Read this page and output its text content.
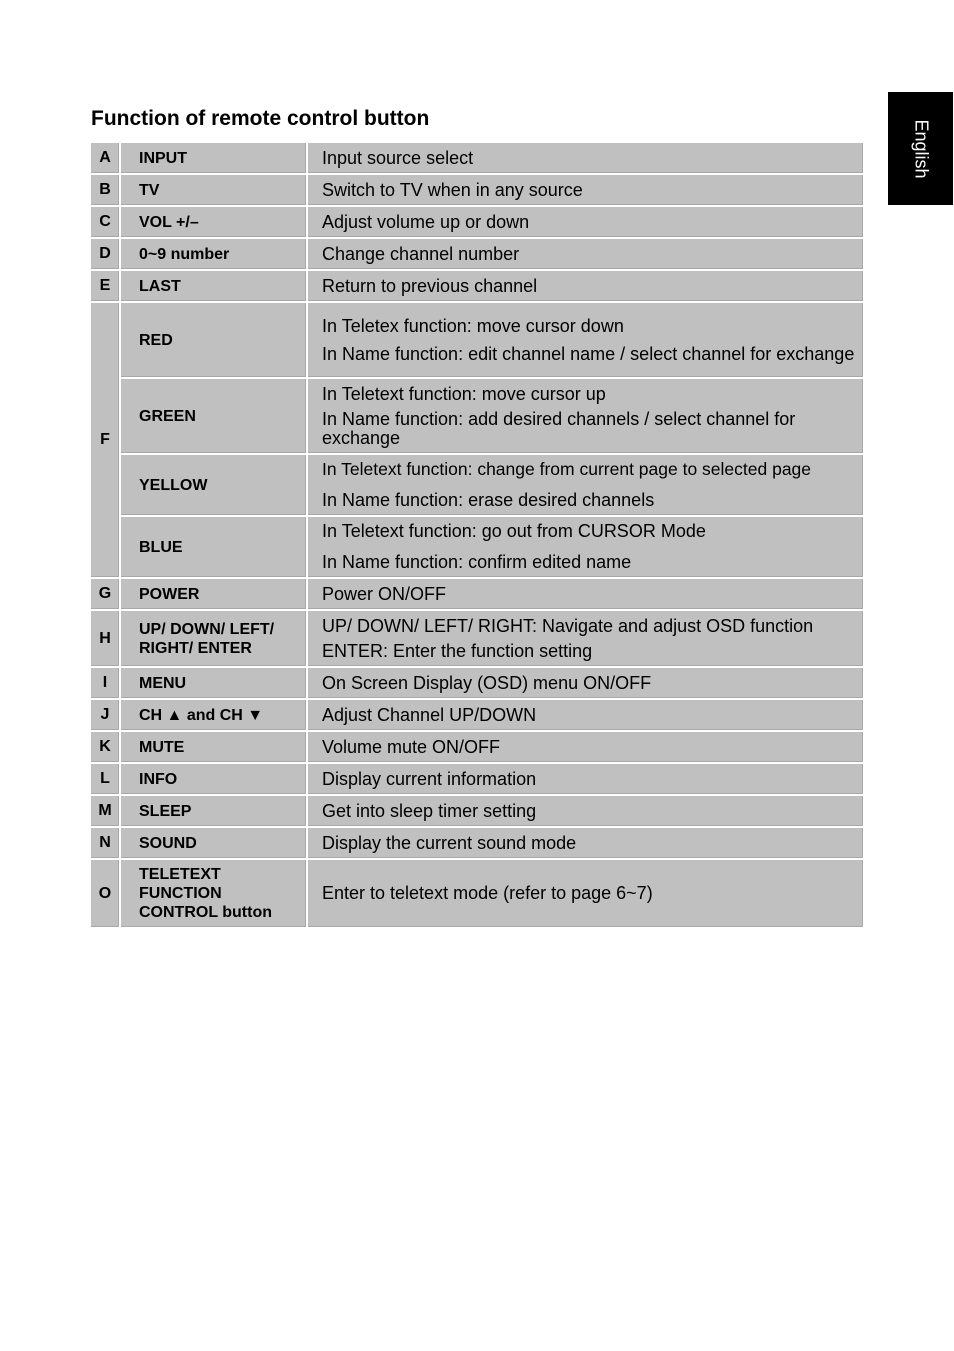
English
Function of remote control button
A	INPUT	Input source select

B	TV	Switch to TV when in any source

C	VOL +/–	Adjust volume up or down

D	0~9 number	Change channel number

E	LAST	Return to previous channel

F	RED	In Teletex function: move cursor down
In Name function: edit channel name / select channel for exchange

	GREEN	In Teletext function: move cursor up
In Name function: add desired channels / select channel for exchange

	YELLOW	In Teletext function: change from current page to selected page
In Name function: erase desired channels

	BLUE	In Teletext function: go out from CURSOR Mode
In Name function: confirm edited name

G	POWER	Power ON/OFF

H	UP/ DOWN/ LEFT/ RIGHT/ ENTER	UP/ DOWN/ LEFT/ RIGHT: Navigate and adjust OSD function
ENTER: Enter the function setting

I	MENU	On Screen Display (OSD) menu ON/OFF

J	CH ▲ and CH ▼	Adjust Channel UP/DOWN

K	MUTE	Volume mute ON/OFF

L	INFO	Display current information

M	SLEEP	Get into sleep timer setting

N	SOUND	Display the current sound mode

O	TELETEXT FUNCTION CONTROL button	Enter to teletext mode (refer to page 6~7)
